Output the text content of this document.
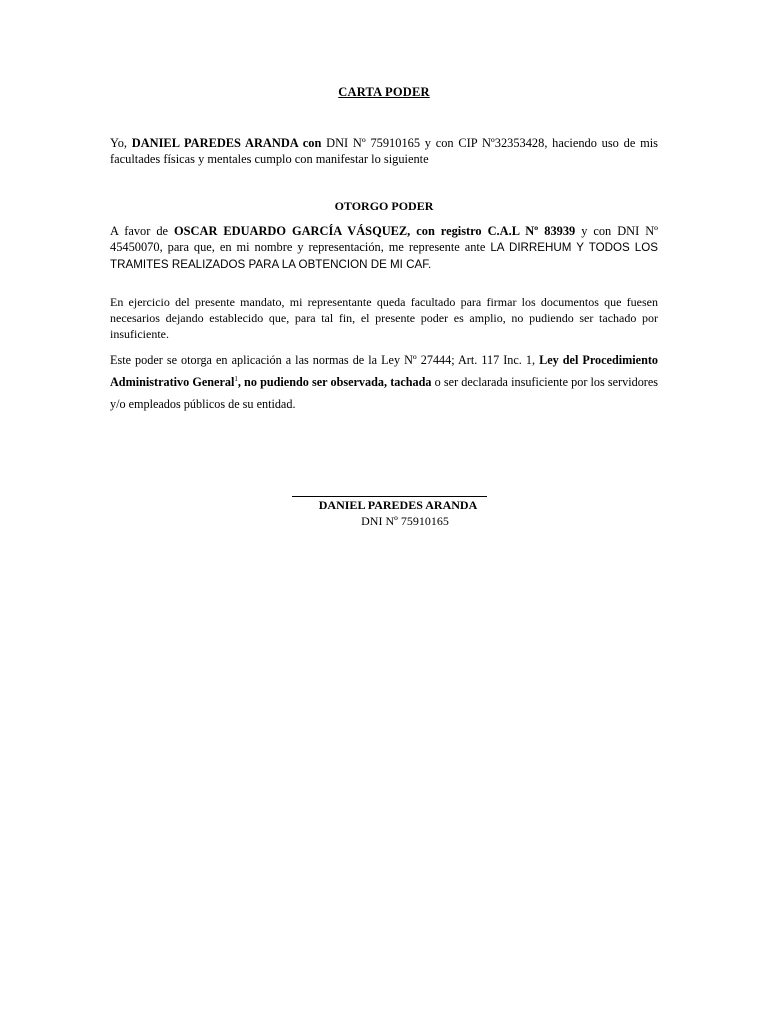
CARTA PODER
Yo, DANIEL PAREDES ARANDA con DNI Nº 75910165 y con CIP Nº32353428, haciendo uso de mis facultades físicas y mentales cumplo con manifestar lo siguiente
OTORGO PODER
A favor de OSCAR EDUARDO GARCÍA VÁSQUEZ, con registro C.A.L Nº 83939 y con DNI Nº 45450070, para que, en mi nombre y representación, me represente ante LA DIRREHUM Y TODOS LOS TRAMITES REALIZADOS PARA LA OBTENCION DE MI CAF.
En ejercicio del presente mandato, mi representante queda facultado para firmar los documentos que fuesen necesarios dejando establecido que, para tal fin, el presente poder es amplio, no pudiendo ser tachado por insuficiente.
Este poder se otorga en aplicación a las normas de la Ley Nº 27444; Art. 117 Inc. 1, Ley del Procedimiento Administrativo General$^1$, no pudiendo ser observada, tachada o ser declarada insuficiente por los servidores y/o empleados públicos de su entidad.
DANIEL PAREDES ARANDA
DNI Nº 75910165
